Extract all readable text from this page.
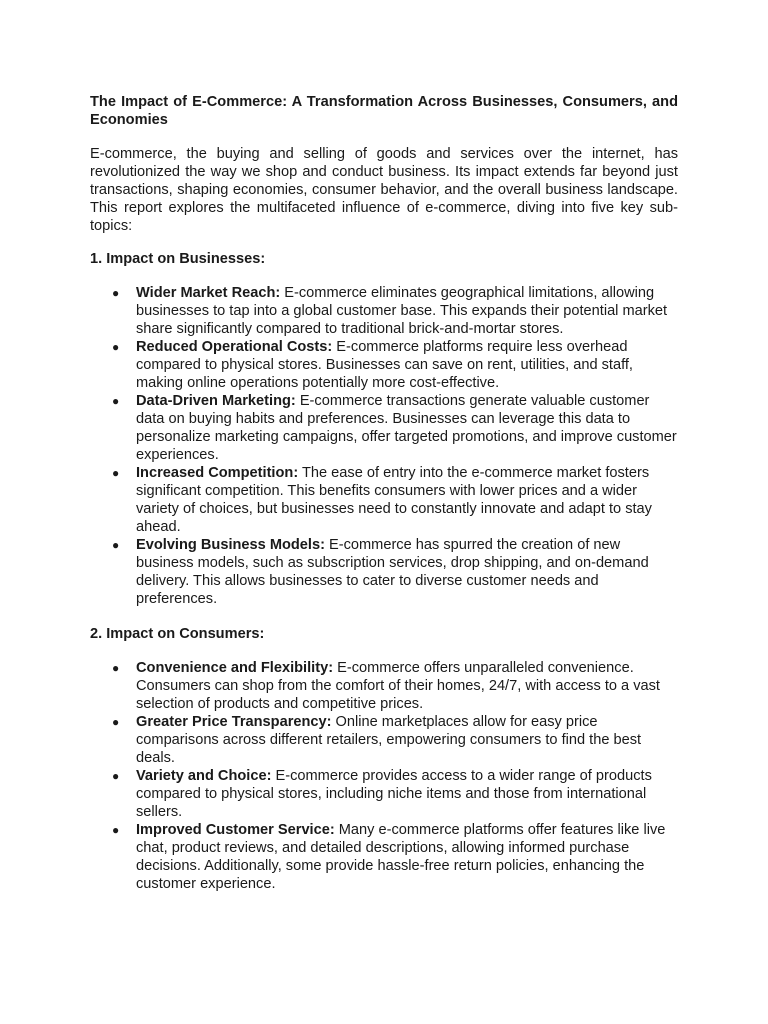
The Impact of E-Commerce: A Transformation Across Businesses, Consumers, and Economies

E-commerce, the buying and selling of goods and services over the internet, has revolutionized the way we shop and conduct business. Its impact extends far beyond just transactions, shaping economies, consumer behavior, and the overall business landscape. This report explores the multifaceted influence of e-commerce, diving into five key sub-topics:

1. Impact on Businesses:

● Wider Market Reach: E-commerce eliminates geographical limitations, allowing businesses to tap into a global customer base. This expands their potential market share significantly compared to traditional brick-and-mortar stores.
● Reduced Operational Costs: E-commerce platforms require less overhead compared to physical stores. Businesses can save on rent, utilities, and staff, making online operations potentially more cost-effective.
● Data-Driven Marketing: E-commerce transactions generate valuable customer data on buying habits and preferences. Businesses can leverage this data to personalize marketing campaigns, offer targeted promotions, and improve customer experiences.
● Increased Competition: The ease of entry into the e-commerce market fosters significant competition. This benefits consumers with lower prices and a wider variety of choices, but businesses need to constantly innovate and adapt to stay ahead.
● Evolving Business Models: E-commerce has spurred the creation of new business models, such as subscription services, drop shipping, and on-demand delivery. This allows businesses to cater to diverse customer needs and preferences.

2. Impact on Consumers:

● Convenience and Flexibility: E-commerce offers unparalleled convenience. Consumers can shop from the comfort of their homes, 24/7, with access to a vast selection of products and competitive prices.
● Greater Price Transparency: Online marketplaces allow for easy price comparisons across different retailers, empowering consumers to find the best deals.
● Variety and Choice: E-commerce provides access to a wider range of products compared to physical stores, including niche items and those from international sellers.
● Improved Customer Service: Many e-commerce platforms offer features like live chat, product reviews, and detailed descriptions, allowing informed purchase decisions. Additionally, some provide hassle-free return policies, enhancing the customer experience.
